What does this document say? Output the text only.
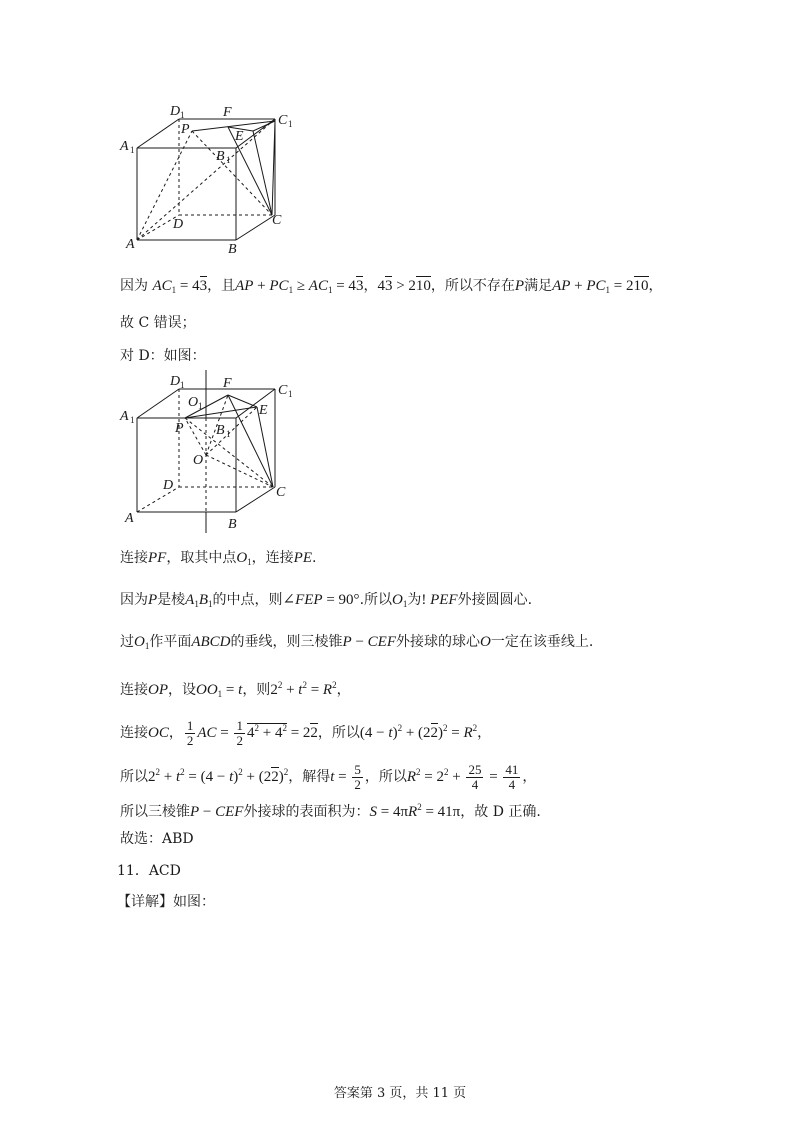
D 1	F
C 1
P
A 1
E
B 1
D	C
A	B
因为 $AC_1 = 43$，且AP + $PC_1 \ge AC_1 = 43$，43 > 210，所以不存在P满足AP + $PC_1 = 210$，
故 C 错误；
对 D：如图：
D 1	F	C 1
O 1
A 1
E
P B 1
O
D	C
A	B
连接PF，取其中点$O_1$，连接PE.
因为P是棱$A_1B_1$的中点，则∠FEP = 90°.所以$O_1$为! PEF外接圆圆心.
过$O_1$作平面ABCD的垂线，则三棱锥P − CEF外接球的球心O一定在该垂线上.
连接OP，设$OO_1 = t$，则$2^2 + t^2 = R^2$，
连接OC， $\frac{1}{2}$ AC = $\frac{1}{2} 4^2 + 4^2 = 22$，所以$(4 - t)^2 + (22)^2 = R^2$，
所以$2^2 + t^2 = (4 - t)^2 + (22)^2$，解得$t = \frac{5}{2}$ ，所以$R^2 = 2^2 + \frac{25}{4} = \frac{41}{4}$ ，
所以三棱锥P − CEF外接球的表面积为：$S = 4\pi R^2 = 41\pi$，故 D 正确.
故选：ABD
11．ACD
【详解】如图：
答案第 3 页，共 11 页
